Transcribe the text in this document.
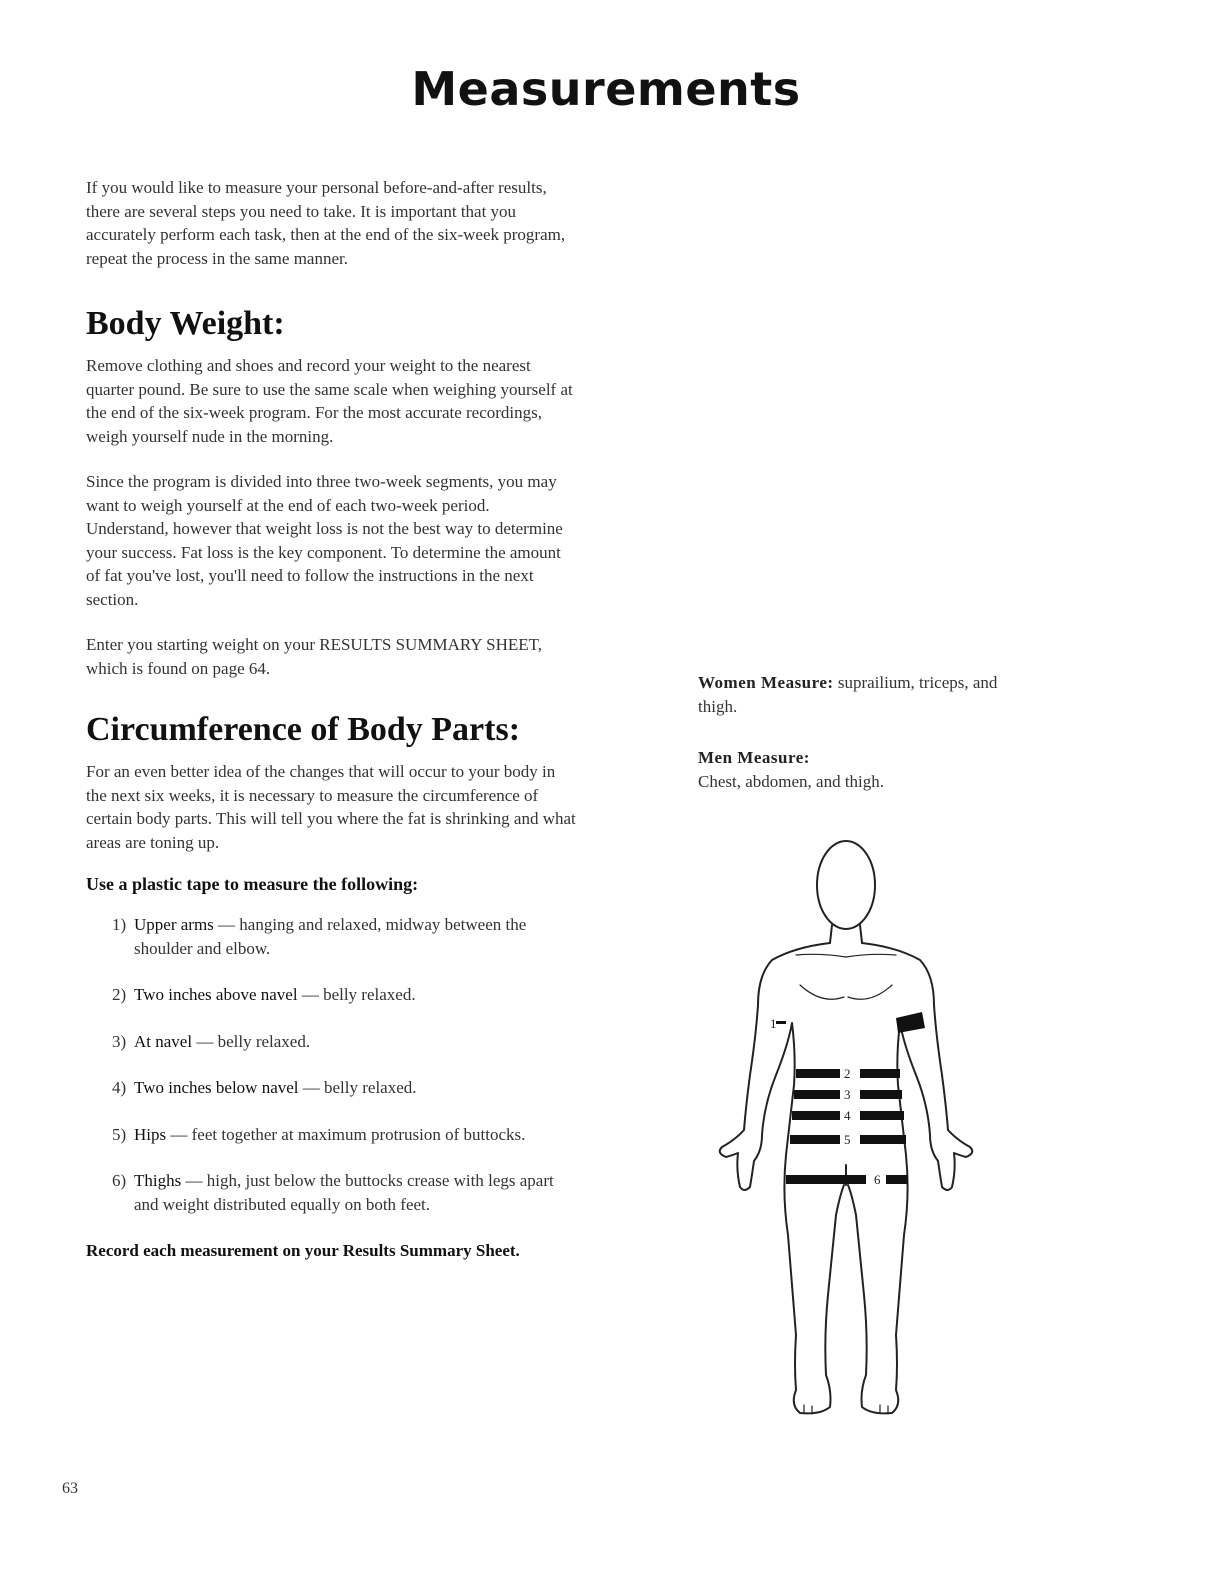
Measurements

If you would like to measure your personal before-and-after results, there are several steps you need to take. It is important that you accurately perform each task, then at the end of the six-week program, repeat the process in the same manner.

Body Weight:

Remove clothing and shoes and record your weight to the nearest quarter pound. Be sure to use the same scale when weighing yourself at the end of the six-week program. For the most accurate recordings, weigh yourself nude in the morning.

Since the program is divided into three two-week segments, you may want to weigh yourself at the end of each two-week period. Understand, however that weight loss is not the best way to determine your success. Fat loss is the key component. To determine the amount of fat you've lost, you'll need to follow the instructions in the next section.

Enter you starting weight on your RESULTS SUMMARY SHEET, which is found on page 64.

Circumference of Body Parts:

For an even better idea of the changes that will occur to your body in the next six weeks, it is necessary to measure the circumference of certain body parts. This will tell you where the fat is shrinking and what areas are toning up.

Use a plastic tape to measure the following:
1) Upper arms — hanging and relaxed, midway between the shoulder and elbow.
2) Two inches above navel — belly relaxed.
3) At navel — belly relaxed.
4) Two inches below navel — belly relaxed.
5) Hips — feet together at maximum protrusion of buttocks.
6) Thighs — high, just below the buttocks crease with legs apart and weight distributed equally on both feet.
Record each measurement on your Results Summary Sheet.

Women Measure: suprailium, triceps, and thigh.

Men Measure:

Chest, abdomen, and thigh.

1
2
3
4
5
6
63
